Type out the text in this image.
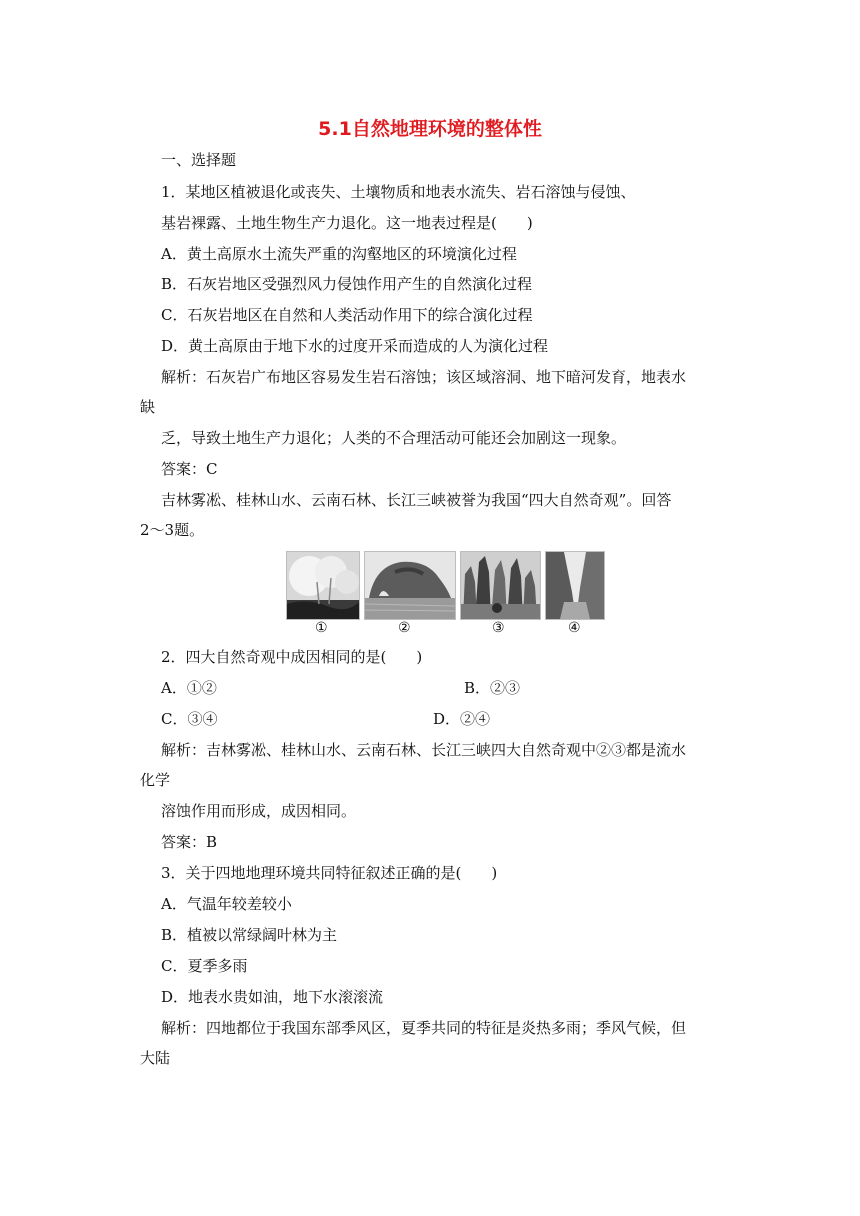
5.1自然地理环境的整体性
一、选择题
1．某地区植被退化或丧失、土壤物质和地表水流失、岩石溶蚀与侵蚀、
基岩裸露、土地生物生产力退化。这一地表过程是(　　)
A．黄土高原水土流失严重的沟壑地区的环境演化过程
B．石灰岩地区受强烈风力侵蚀作用产生的自然演化过程
C．石灰岩地区在自然和人类活动作用下的综合演化过程
D．黄土高原由于地下水的过度开采而造成的人为演化过程
解析：石灰岩广布地区容易发生岩石溶蚀；该区域溶洞、地下暗河发育，地表水
缺
乏，导致土地生产力退化；人类的不合理活动可能还会加剧这一现象。
答案：C
吉林雾凇、桂林山水、云南石林、长江三峡被誉为我国“四大自然奇观”。回答
2～3题。
①	②	③	④
2．四大自然奇观中成因相同的是(　　)
A．①②	B．②③
C．③④	D．②④
解析：吉林雾凇、桂林山水、云南石林、长江三峡四大自然奇观中②③都是流水
化学
溶蚀作用而形成，成因相同。
答案：B
3．关于四地地理环境共同特征叙述正确的是(　　)
A．气温年较差较小
B．植被以常绿阔叶林为主
C．夏季多雨
D．地表水贵如油，地下水滚滚流
解析：四地都位于我国东部季风区，夏季共同的特征是炎热多雨；季风气候，但
大陆
